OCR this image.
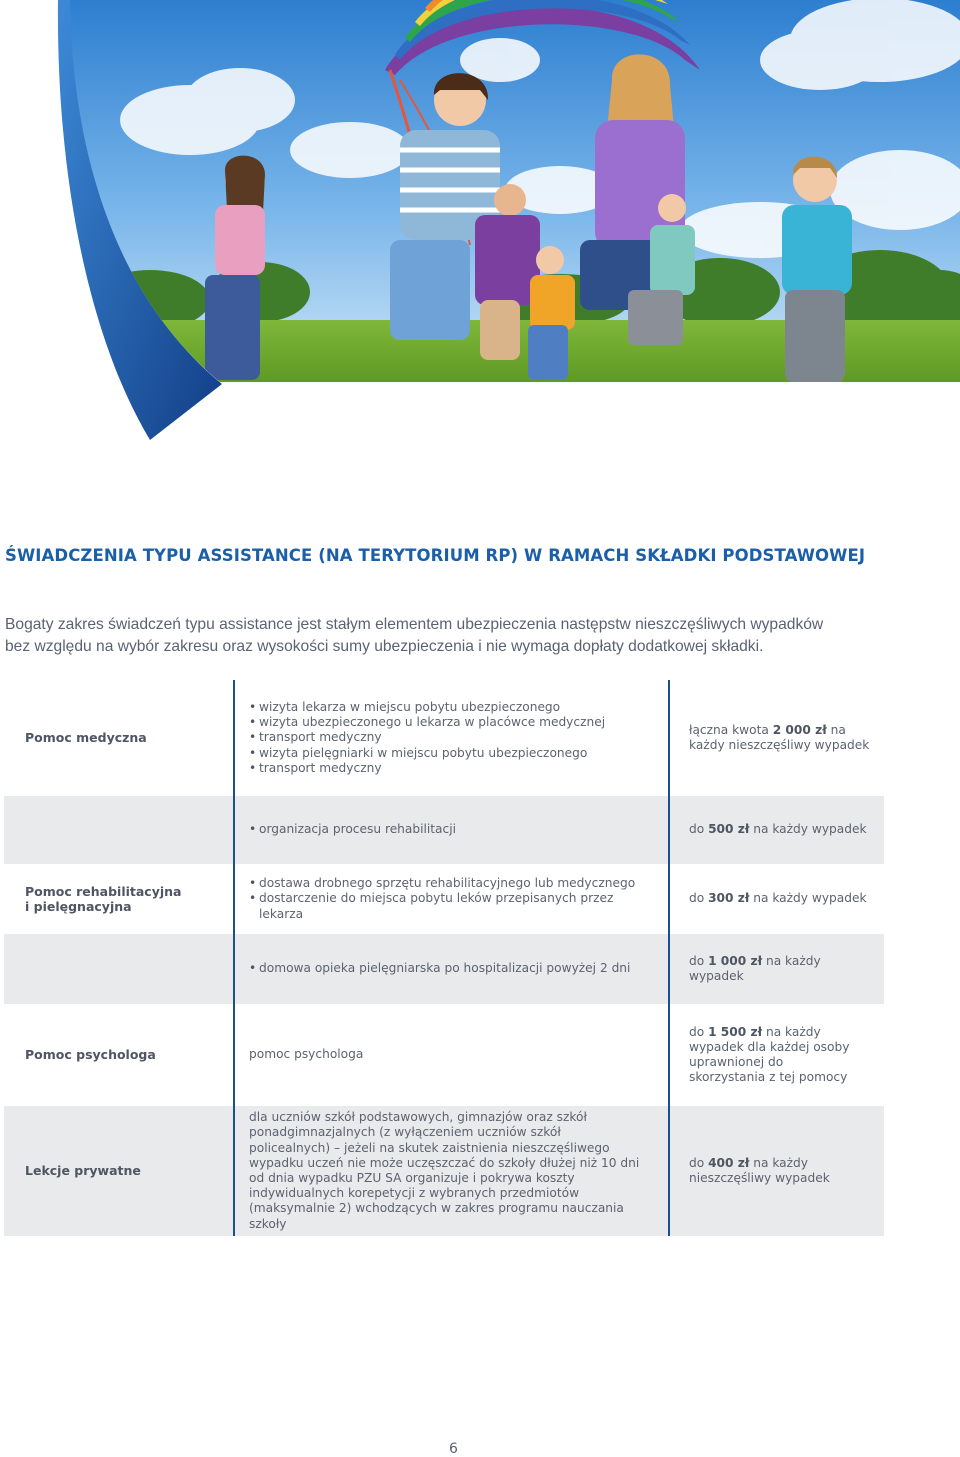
ŚWIADCZENIA TYPU ASSISTANCE (NA TERYTORIUM RP) W RAMACH SKŁADKI PODSTAWOWEJ

Bogaty zakres świadczeń typu assistance jest stałym elementem ubezpieczenia następstw nieszczęśliwych wypadków

bez względu na wybór zakresu oraz wysokości sumy ubezpieczenia i nie wymaga dopłaty dodatkowej składki.

Pomoc medyczna
• wizyta lekarza w miejscu pobytu ubezpieczonego
• wizyta ubezpieczonego u lekarza w placówce medycznej
• transport medyczny
• wizyta pielęgniarki w miejscu pobytu ubezpieczonego
• transport medyczny
łączna kwota 2 000 zł na każdy nieszczęśliwy wypadek
• organizacja procesu rehabilitacji	do 500 zł na każdy wypadek
Pomoc rehabilitacyjna
i pielęgnacyjna
• dostawa drobnego sprzętu rehabilitacyjnego lub medycznego
• dostarczenie do miejsca pobytu leków przepisanych przez lekarza
do 300 zł na każdy wypadek
• domowa opieka pielęgniarska po hospitalizacji powyżej 2 dni
do 1 000 zł na każdy wypadek
Pomoc psychologa	pomoc psychologa
do 1 500 zł na każdy wypadek dla każdej osoby uprawnionej do skorzystania z tej pomocy
Lekcje prywatne
dla uczniów szkół podstawowych, gimnazjów oraz szkół ponadgimnazjalnych (z wyłączeniem uczniów szkół policealnych) – jeżeli na skutek zaistnienia nieszczęśliwego wypadku uczeń nie może uczęszczać do szkoły dłużej niż 10 dni od dnia wypadku PZU SA organizuje i pokrywa koszty indywidualnych korepetycji z wybranych przedmiotów (maksymalnie 2) wchodzących w zakres programu nauczania szkoły
do 400 zł na każdy nieszczęśliwy wypadek
6
